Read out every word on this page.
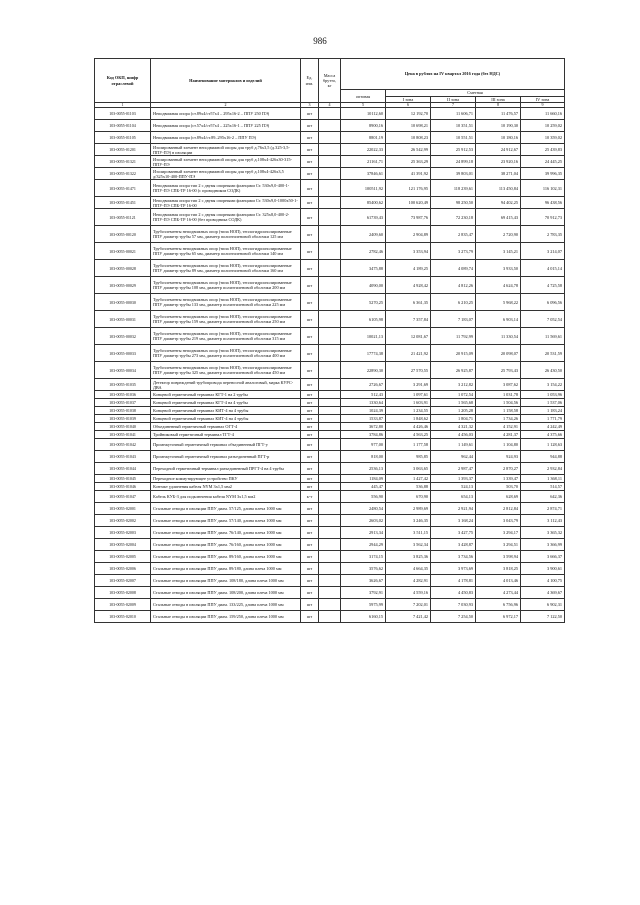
986
Код ОКП, шифр отраслевой	Наименование материалов и изделий	Ед. изм.	Масса брутто, кг	Цена в рублях на IV квартал 2016 года (без НДС)				
				оптовая	Сметная			
					I зона	II зона	III зона	IV зона
1	2	3	4	5	6	7	8	9
103-0055-01103	Неподвижная опора (ст.89х4/ст57х4 – 295х16-2 – ППУ 250 ПЭ)	шт		10112,60	12 192,70	11 606,71	11 476,57	11 660,16
103-0055-01104	Неподвижная опора (ст.57х4/ст57х4 – 225х16-1 – ППУ 225 ПЭ)	шт		8900,16	10 698,21	10 351,51	10 190,30	10 259,02
103-0055-01105	Неподвижная опора (ст.89х4/ст.89–295х16-2 – ППУ ПЭ)	шт		8801,19	10 808,23	10 551,51	10 180,16	10 359,02
103-0055-01201	Изолированный элемент неподвижной опоры для труб д.76х3,5 (д.325-3,5-ППУ-ПЭ) в изоляции	шт		22022,33	26 542,99	25 912,53	24 912,67	25 439,83
103-0055-01321	Изолированный элемент неподвижной опоры для труб д.108х4-426х30-315-ППУ-ПЭ	шт		21161,71	25 363,29	24 899,18	23 920,16	24 445,25
103-0055-01322	Изолированный элемент неподвижной опоры для труб д.108х4-426х3,5 д/325х10-400-ППУ-ПЭ	шт		37846,61	41 391,92	39 803,01	38 271,04	39 996,35
103-0055-01471	Неподвижная опора тип 2 с двумя опорными фланцами Ст. 530х9,0-400-1-ППУ-ПЭ СПБ-ТР 16-00 (с проводником СОДК)	шт		100511,92	121 176,95	118 239,61	113 450,84	116 102,31
103-0055-01451	Неподвижная опора тип 2 с двумя опорными фланцами Ст. 530х9,0-1000х50-1-ППУ-ПЭ СПБ-ТР 16-00	шт		85400,62	100 620,49	98 250,50	94 402,25	96 438,56
103-0055-01121	Неподвижная опора тип 2 с двумя опорными фланцами Ст. 325х8,0-400-2-ППУ-ПЭ СПБ-ТР 16-00 (без проводника СОДК)	шт		61739,43	73 987,76	72 230,18	69 415,43	70 912,73
103-0055-00120	Трубоэлементы неподвижных опор (типа НОП), теплогидроизолированные ППУ диаметр трубы 57 мм, диаметр полиэтиленовой оболочки 125 мм	шт		2409,60	2 904,89	2 835,47	2 720,90	2 783,35
103-0055-00021	Трубоэлементы неподвижных опор (типа НОП), теплогидроизолированные ППУ диаметр трубы 65 мм, диаметр полиэтиленовой оболочки 140 мм	шт		2782,46	3 353,94	3 273,79	3 145,21	3 214,07
103-0055-00028	Трубоэлементы неподвижных опор (типа НОП), теплогидроизолированные ППУ диаметр трубы 89 мм, диаметр полиэтиленовой оболочки 160 мм	шт		3475,88	4 189,25	4 089,74	3 933,50	4 015,14
103-0055-00029	Трубоэлементы неподвижных опор (типа НОП), теплогидроизолированные ППУ диаметр трубы 108 мм, диаметр полиэтиленовой оболочки 200 мм	шт		4090,00	4 928,42	4 812,26	4 624,78	4 725,58
103-0055-00030	Трубоэлементы неподвижных опор (типа НОП), теплогидроизолированные ППУ диаметр трубы 133 мм, диаметр полиэтиленовой оболочки 225 мм	шт		5270,25	6 361,35	6 210,25	5 968,22	6 096,56
103-0055-00031	Трубоэлементы неподвижных опор (типа НОП), теплогидроизолированные ППУ диаметр трубы 159 мм, диаметр полиэтиленовой оболочки 250 мм	шт		6105,98	7 357,84	7 183,07	6 903,14	7 052,54
103-0055-00032	Трубоэлементы неподвижных опор (типа НОП), теплогидроизолированные ППУ диаметр трубы 219 мм, диаметр полиэтиленовой оболочки 315 мм	шт		10021,13	12 081,67	11 792,99	11 330,54	11 569,61
103-0055-00033	Трубоэлементы неподвижных опор (типа НОП), теплогидроизолированные ППУ диаметр трубы 273 мм, диаметр полиэтиленовой оболочки 400 мм	шт		17774,38	21 421,92	20 915,09	20 098,07	20 531,59
103-0055-00034	Трубоэлементы неподвижных опор (типа НОП), теплогидроизолированные ППУ диаметр трубы 325 мм, диаметр полиэтиленовой оболочки 450 мм	шт		22890,30	27 570,55	26 925,87	25 793,43	26 430,50
103-0055-01035	Детектор повреждений трубопровода переносной аналоговый, марка КУРС-ДВА	шт		2726,67	3 291,69	3 212,82	3 087,62	3 154,22
103-0055-01036	Концевой герметичный терминал КГТ-1 на 2 трубы	шт		512,43	1 097,61	1 072,54	1 031,78	1 053,96
103-0055-01037	Концевой герметичный терминал КГТ-4 на 4 трубы	шт		1330,64	1 603,91	1 565,68	1 504,56	1 537,06
103-0055-01038	Концевой герметичный терминал КИТ-4 на 4 трубы	шт		1024,39	1 234,55	1 205,28	1 158,58	1 183,24
103-0055-01039	Концевой герметичный терминал КИТ-4 на 4 трубы	шт		1533,87	1 848,62	1 804,71	1 734,26	1 771,79
103-0055-01040	Объединенный герметичный терминал ОГТ-4	шт		3672,80	4 426,46	4 321,32	4 152,91	4 242,49
103-0055-01041	Тройниковый герметичный терминал ТГТ-4	шт		3784,86	4 563,25	4 456,03	4 281,37	4 375,66
103-0055-01042	Промежуточный герметичный терминал объединенный ПГТ-у	шт		977,00	1 177,58	1 149,61	1 104,80	1 128,63
103-0055-01043	Промежуточный герметичный терминал разъединенный ПГТ-р	шт		818,00	985,85	962,44	924,93	944,88
103-0055-01044	Переходной герметичный терминал разъединенный ПРГТ-4 на 4 трубы	шт		2536,13	3 063,65	2 987,47	2 870,27	2 932,84
103-0055-01045	Переходное коммутирующее устройство ПКУ	шт		1184,09	1 427,42	1 393,37	1 339,47	1 368,11
103-0055-01046	Контакт удлинения кабеля NYM 3х1,5 мм2	шт		445,47	536,88	524,13	503,70	514,57
103-0055-01047	Кабель КУБ-3 для подключения кабеля NYM 3х1,5 мм2	к-т		556,90	670,90	654,13	628,69	642,36
103-0055-02001	Стальные отводы в изоляции ППУ диам. 57/125, длина плеча 1000 мм	шт		2480,54	2 989,69	2 921,94	2 812,84	2 874,71
103-0055-02002	Стальные отводы в изоляции ППУ диам. 57/140, длина плеча 1000 мм	шт		2603,02	3 246,35	3 168,24	3 043,79	3 112,43
103-0055-02003	Стальные отводы в изоляции ППУ диам. 76/140, длина плеча 1000 мм	шт		2913,34	3 511,15	3 427,75	3 294,17	3 365,32
103-0055-02004	Стальные отводы в изоляции ППУ диам. 76/160, длина плеча 1000 мм	шт		2944,29	3 562,34	3 428,87	3 294,51	3 366,99
103-0055-02005	Стальные отводы в изоляции ППУ диам. 89/160, длина плеча 1000 мм	шт		3174,15	3 825,36	3 734,56	3 598,94	3 666,37
103-0055-02006	Стальные отводы в изоляции ППУ диам. 89/180, длина плеча 1000 мм	шт		3576,62	4 664,35	3 973,69	3 818,25	3 900,61
103-0055-02007	Стальные отводы в изоляции ППУ диам. 108/180, длина плеча 1000 мм	шт		3626,67	4 282,91	4 178,81	4 013,46	4 100,75
103-0055-02008	Стальные отводы в изоляции ППУ диам. 108/200, длина плеча 1000 мм	шт		3792,91	4 559,16	4 450,83	4 273,44	4 369,67
103-0055-02009	Стальные отводы в изоляции ППУ диам. 133/225, длина плеча 1000 мм	шт		5975,99	7 202,01	7 030,93	6 756,96	6 902,31
103-0055-02010	Стальные отводы в изоляции ППУ диам. 159/250, длина плеча 1000 мм	шт		6160,15	7 421,42	7 254,50	6 972,17	7 122,50
